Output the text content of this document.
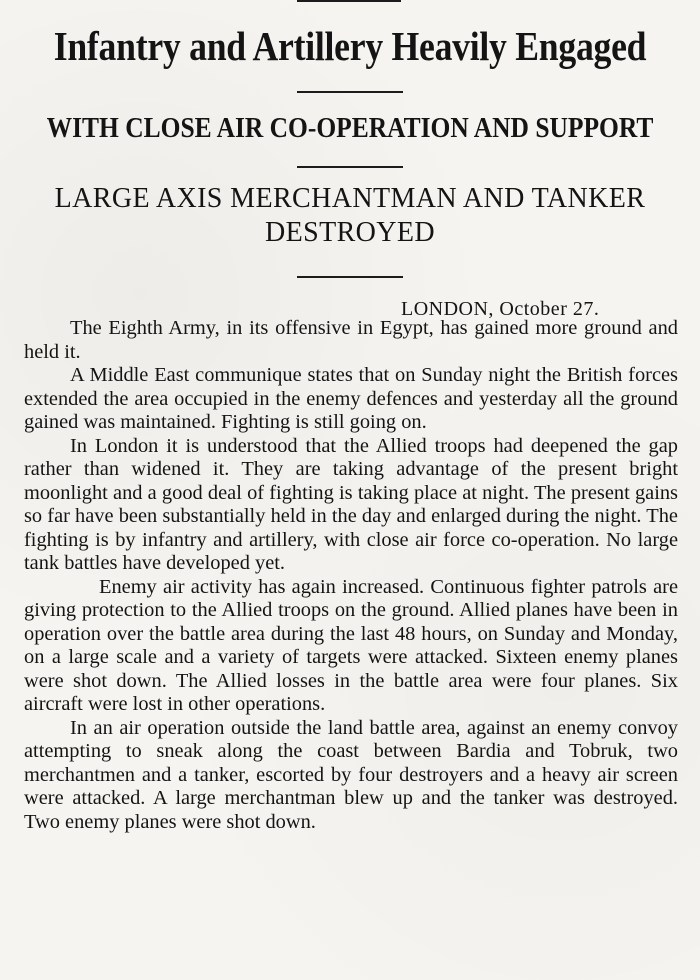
Infantry and Artillery Heavily Engaged
WITH CLOSE AIR CO-OPERATION AND SUPPORT
LARGE AXIS MERCHANTMAN AND TANKER DESTROYED
LONDON, October 27.

The Eighth Army, in its offensive in Egypt, has gained more ground and held it.

A Middle East communique states that on Sunday night the British forces extended the area occupied in the enemy defences and yesterday all the ground gained was maintained. Fighting is still going on.

In London it is understood that the Allied troops had deepened the gap rather than widened it. They are taking advantage of the present bright moonlight and a good deal of fighting is taking place at night. The present gains so far have been substantially held in the day and enlarged during the night. The fighting is by infantry and artillery, with close air force co-operation. No large tank battles have developed yet.

Enemy air activity has again increased. Continuous fighter patrols are giving protection to the Allied troops on the ground. Allied planes have been in operation over the battle area during the last 48 hours, on Sunday and Monday, on a large scale and a variety of targets were attacked. Sixteen enemy planes were shot down. The Allied losses in the battle area were four planes. Six aircraft were lost in other operations.

In an air operation outside the land battle area, against an enemy convoy attempting to sneak along the coast between Bardia and Tobruk, two merchantmen and a tanker, escorted by four destroyers and a heavy air screen were attacked. A large merchantman blew up and the tanker was destroyed. Two enemy planes were shot down.
